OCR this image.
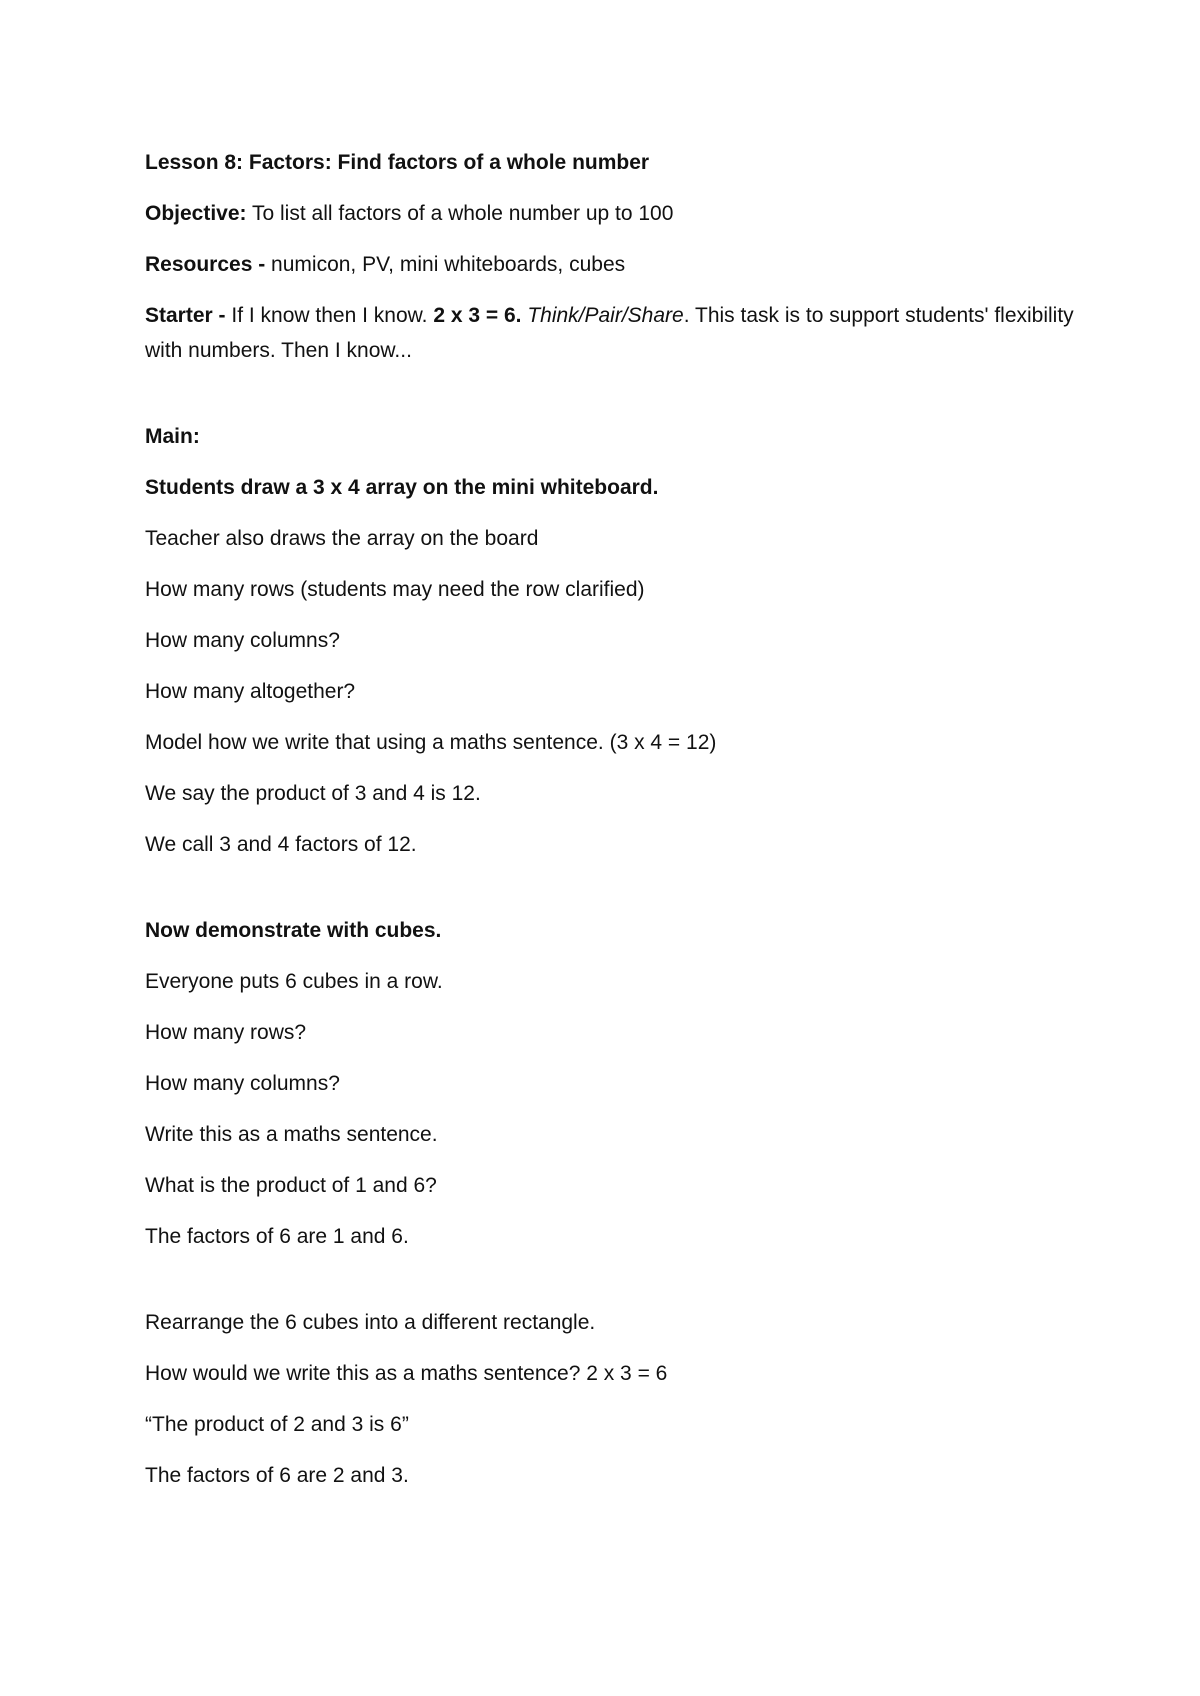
Lesson 8: Factors: Find factors of a whole number

Objective: To list all factors of a whole number up to 100

Resources - numicon, PV, mini whiteboards, cubes

Starter - If I know then I know. 2 x 3 = 6. Think/Pair/Share. This task is to support students' flexibility with numbers. Then I know...

Main:

Students draw a 3 x 4 array on the mini whiteboard.

Teacher also draws the array on the board

How many rows (students may need the row clarified)

How many columns?

How many altogether?

Model how we write that using a maths sentence. (3 x 4 = 12)

We say the product of 3 and 4 is 12.

We call 3 and 4 factors of 12.

Now demonstrate with cubes.

Everyone puts 6 cubes in a row.

How many rows?

How many columns?

Write this as a maths sentence.

What is the product of 1 and 6?

The factors of 6 are 1 and 6.

Rearrange the 6 cubes into a different rectangle.

How would we write this as a maths sentence? 2 x 3 = 6

“The product of 2 and 3 is 6”

The factors of 6 are 2 and 3.
